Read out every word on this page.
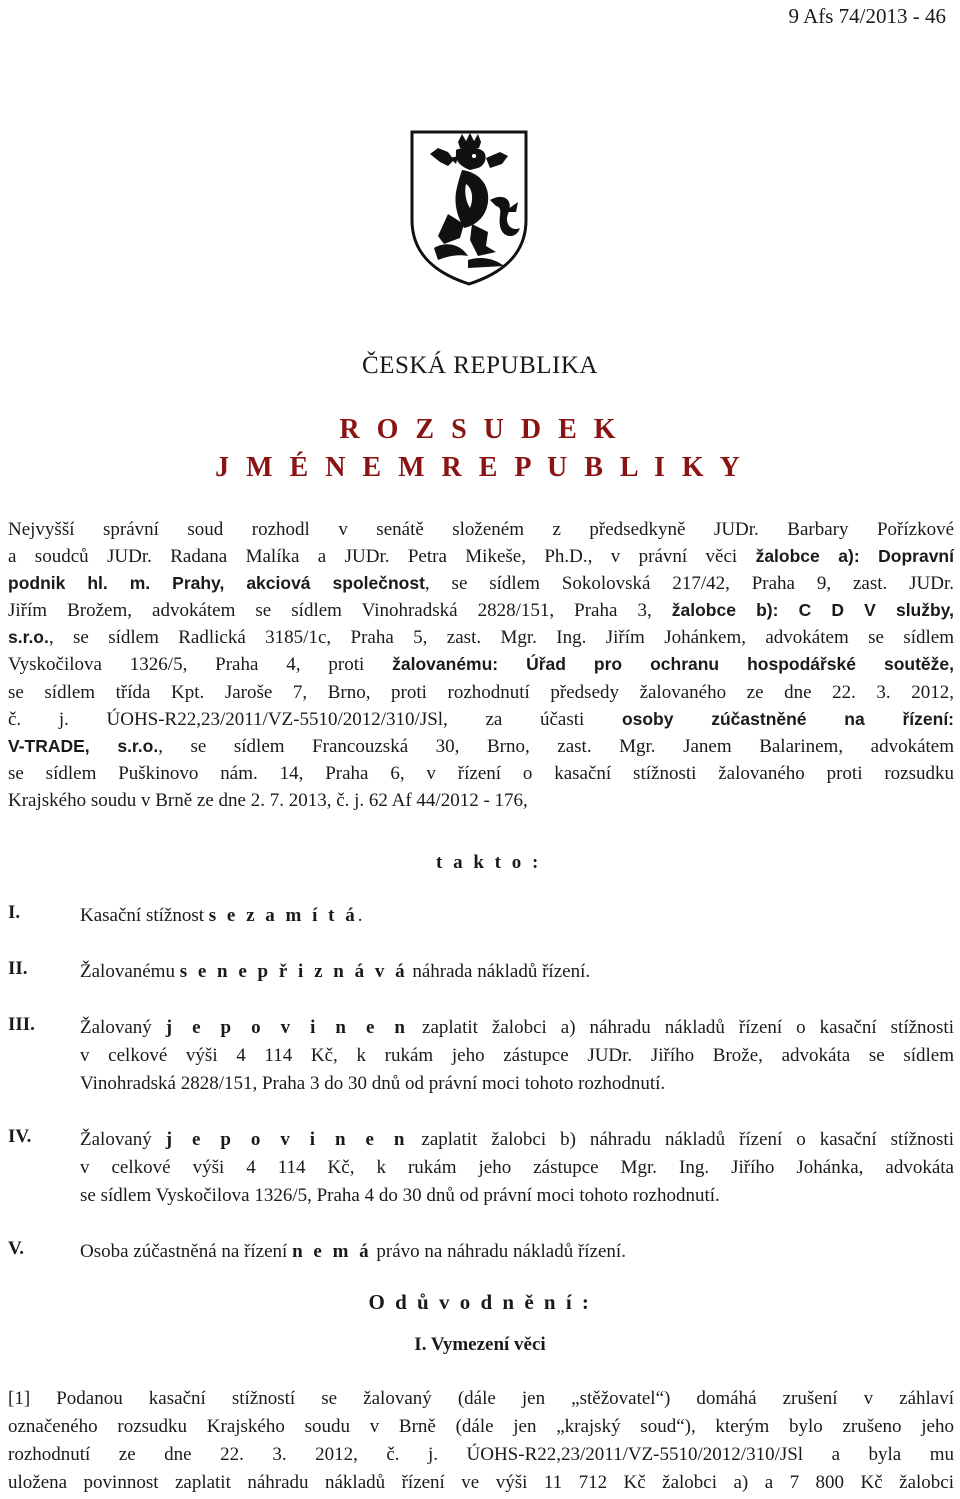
9 Afs 74/2013 - 46
ČESKÁ REPUBLIKA
R O Z S U D E K
J M É N E M R E P U B L I K Y
Nejvyšší správní soud rozhodl v senátě složeném z předsedkyně JUDr. Barbary Pořízkové
a soudců JUDr. Radana Malíka a JUDr. Petra Mikeše, Ph.D., v právní věci žalobce a): Dopravní
podnik hl. m. Prahy, akciová společnost, se sídlem Sokolovská 217/42, Praha 9, zast. JUDr.
Jiřím Brožem, advokátem se sídlem Vinohradská 2828/151, Praha 3, žalobce b): C D V služby,
s.r.o., se sídlem Radlická 3185/1c, Praha 5, zast. Mgr. Ing. Jiřím Johánkem, advokátem se sídlem
Vyskočilova 1326/5, Praha 4, proti žalovanému: Úřad pro ochranu hospodářské soutěže,
se sídlem třída Kpt. Jaroše 7, Brno, proti rozhodnutí předsedy žalovaného ze dne 22. 3. 2012,
č. j. ÚOHS-R22,23/2011/VZ-5510/2012/310/JSl, za účasti osoby zúčastněné na řízení:
V-TRADE, s.r.o., se sídlem Francouzská 30, Brno, zast. Mgr. Janem Balarinem, advokátem
se sídlem Puškinovo nám. 14, Praha 6, v řízení o kasační stížnosti žalovaného proti rozsudku
Krajského soudu v Brně ze dne 2. 7. 2013, č. j. 62 Af 44/2012 - 176,
t a k t o :
I.	Kasační stížnost s e z a m í t á.
II.	Žalovanému s e n e p ř i z n á v á náhrada nákladů řízení.
III. Žalovaný j e p o v i n e n zaplatit žalobci a) náhradu nákladů řízení o kasační stížnosti
v celkové výši 4 114 Kč, k rukám jeho zástupce JUDr. Jiřího Brože, advokáta se sídlem
Vinohradská 2828/151, Praha 3 do 30 dnů od právní moci tohoto rozhodnutí.
IV.	Žalovaný j e p o v i n e n zaplatit žalobci b) náhradu nákladů řízení o kasační stížnosti
v celkové výši 4 114 Kč, k rukám jeho zástupce Mgr. Ing. Jiřího Johánka, advokáta
se sídlem Vyskočilova 1326/5, Praha 4 do 30 dnů od právní moci tohoto rozhodnutí.
V.	Osoba zúčastněná na řízení n e m á právo na náhradu nákladů řízení.
O d ů v o d n ě n í :
I. Vymezení věci
[1] Podanou kasační stížností se žalovaný (dále jen „stěžovatel“) domáhá zrušení v záhlaví
označeného rozsudku Krajského soudu v Brně (dále jen „krajský soud“), kterým bylo zrušeno jeho
rozhodnutí ze dne 22. 3. 2012, č. j. ÚOHS-R22,23/2011/VZ-5510/2012/310/JSl a byla mu
uložena povinnost zaplatit náhradu nákladů řízení ve výši 11 712 Kč žalobci a) a 7 800 Kč žalobci
